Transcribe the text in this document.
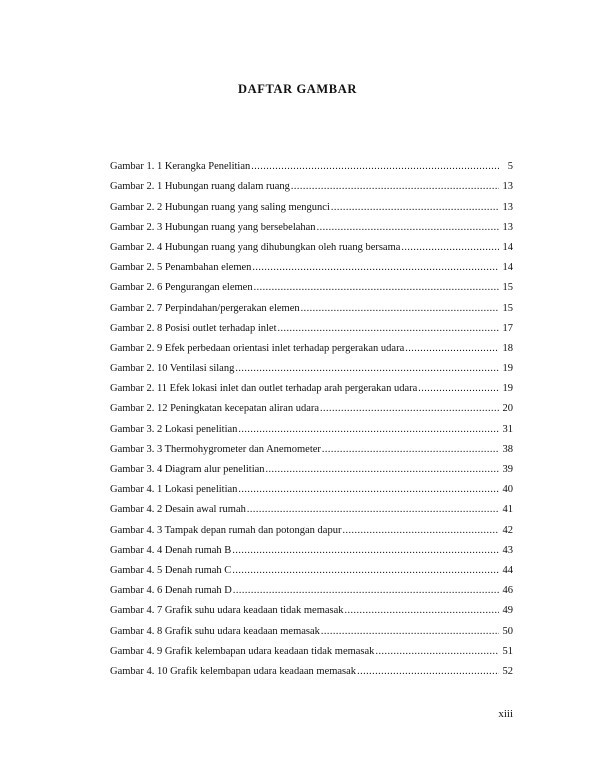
DAFTAR GAMBAR
Gambar 1. 1 Kerangka Penelitian .....	5
Gambar 2. 1 Hubungan ruang dalam ruang .....	13
Gambar 2. 2 Hubungan ruang yang saling mengunci .....	13
Gambar 2. 3 Hubungan ruang yang bersebelahan .....	13
Gambar 2. 4 Hubungan ruang yang dihubungkan oleh ruang bersama .....	14
Gambar 2. 5 Penambahan elemen .....	14
Gambar 2. 6 Pengurangan elemen .....	15
Gambar 2. 7 Perpindahan/pergerakan elemen .....	15
Gambar 2. 8 Posisi outlet terhadap inlet .....	17
Gambar 2. 9 Efek perbedaan orientasi inlet terhadap pergerakan udara .....	18
Gambar 2. 10 Ventilasi silang .....	19
Gambar 2. 11 Efek lokasi inlet dan outlet terhadap arah pergerakan udara .....	19
Gambar 2. 12 Peningkatan kecepatan aliran udara .....	20
Gambar 3. 2 Lokasi penelitian .....	31
Gambar 3. 3 Thermohygrometer dan Anemometer .....	38
Gambar 3. 4 Diagram alur penelitian .....	39
Gambar 4. 1 Lokasi penelitian .....	40
Gambar 4. 2 Desain awal rumah .....	41
Gambar 4. 3 Tampak depan rumah dan potongan dapur .....	42
Gambar 4. 4 Denah rumah B .....	43
Gambar 4. 5 Denah rumah C .....	44
Gambar 4. 6 Denah rumah D .....	46
Gambar 4. 7 Grafik suhu udara keadaan tidak memasak .....	49
Gambar 4. 8 Grafik suhu udara keadaan memasak .....	50
Gambar 4. 9 Grafik kelembapan udara keadaan tidak memasak .....	51
Gambar 4. 10 Grafik kelembapan udara keadaan memasak .....	52
xiii
